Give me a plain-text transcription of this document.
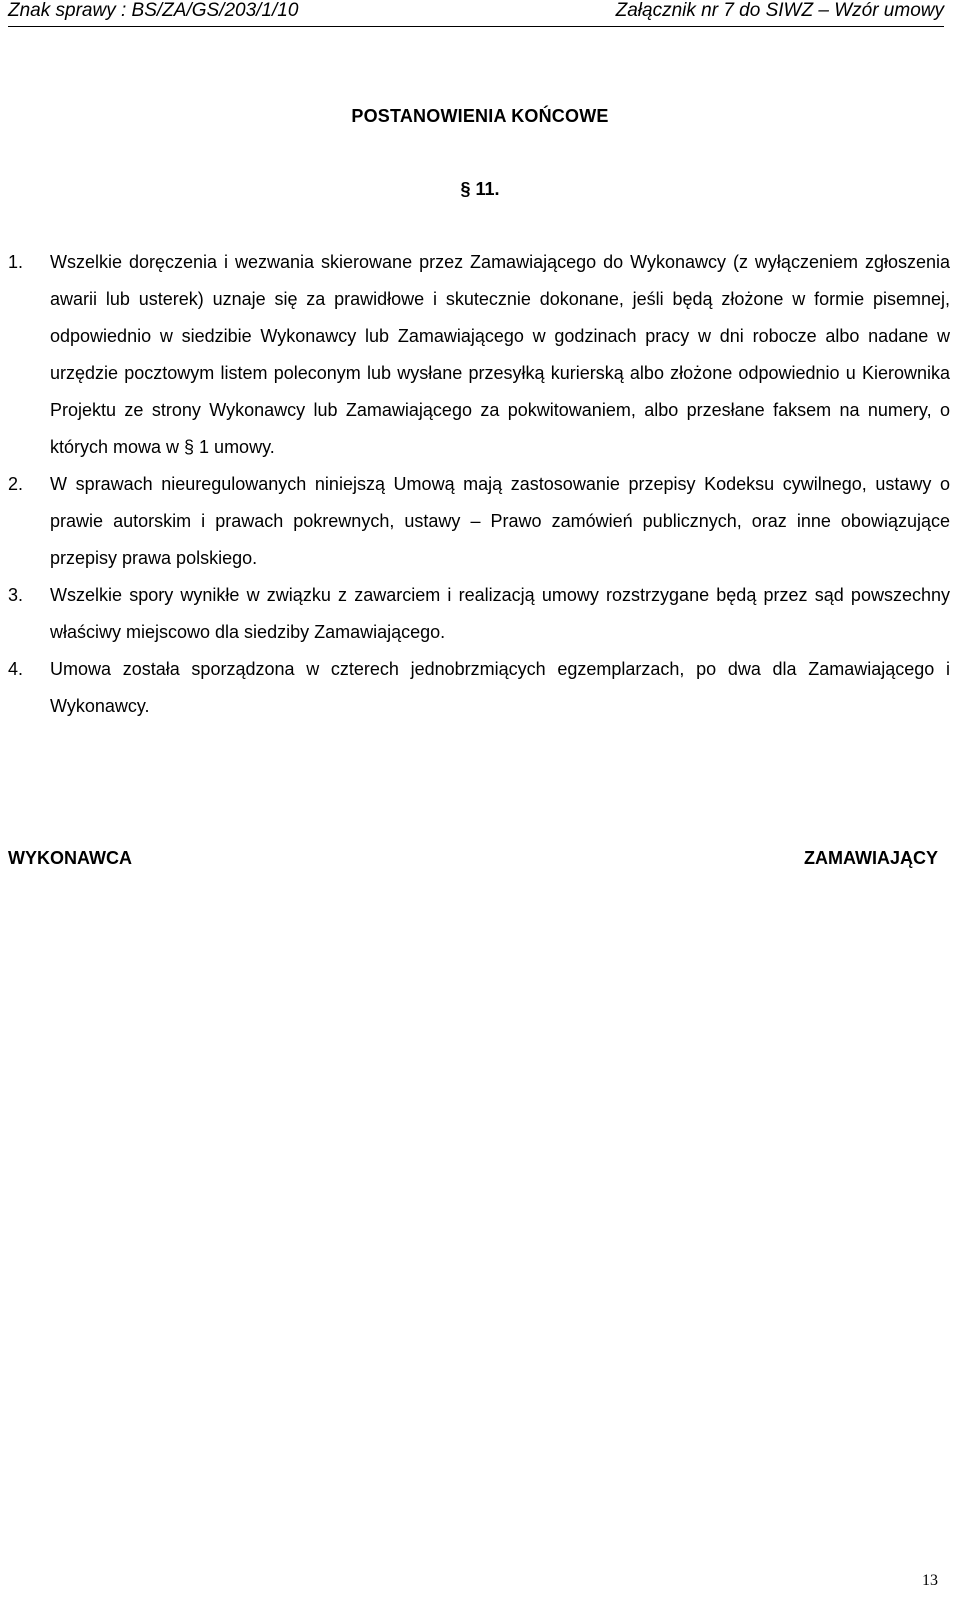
Znak sprawy : BS/ZA/GS/203/1/10	Załącznik nr 7 do SIWZ – Wzór umowy
POSTANOWIENIA KOŃCOWE
§ 11.
1. Wszelkie doręczenia i wezwania skierowane przez Zamawiającego do Wykonawcy (z wyłączeniem zgłoszenia awarii lub usterek) uznaje się za prawidłowe i skutecznie dokonane, jeśli będą złożone w formie pisemnej, odpowiednio w siedzibie Wykonawcy lub Zamawiającego w godzinach pracy w dni robocze albo nadane w urzędzie pocztowym listem poleconym lub wysłane przesyłką kurierską albo złożone odpowiednio u Kierownika Projektu ze strony Wykonawcy lub Zamawiającego za pokwitowaniem, albo przesłane faksem na numery, o których mowa w § 1 umowy.
2. W sprawach nieuregulowanych niniejszą Umową mają zastosowanie przepisy Kodeksu cywilnego, ustawy o prawie autorskim i prawach pokrewnych, ustawy – Prawo zamówień publicznych, oraz inne obowiązujące przepisy prawa polskiego.
3. Wszelkie spory wynikłe w związku z zawarciem i realizacją umowy rozstrzygane będą przez sąd powszechny właściwy miejscowo dla siedziby Zamawiającego.
4. Umowa została sporządzona w czterech jednobrzmiących egzemplarzach, po dwa dla Zamawiającego i Wykonawcy.
WYKONAWCA	ZAMAWIAJĄCY
13
